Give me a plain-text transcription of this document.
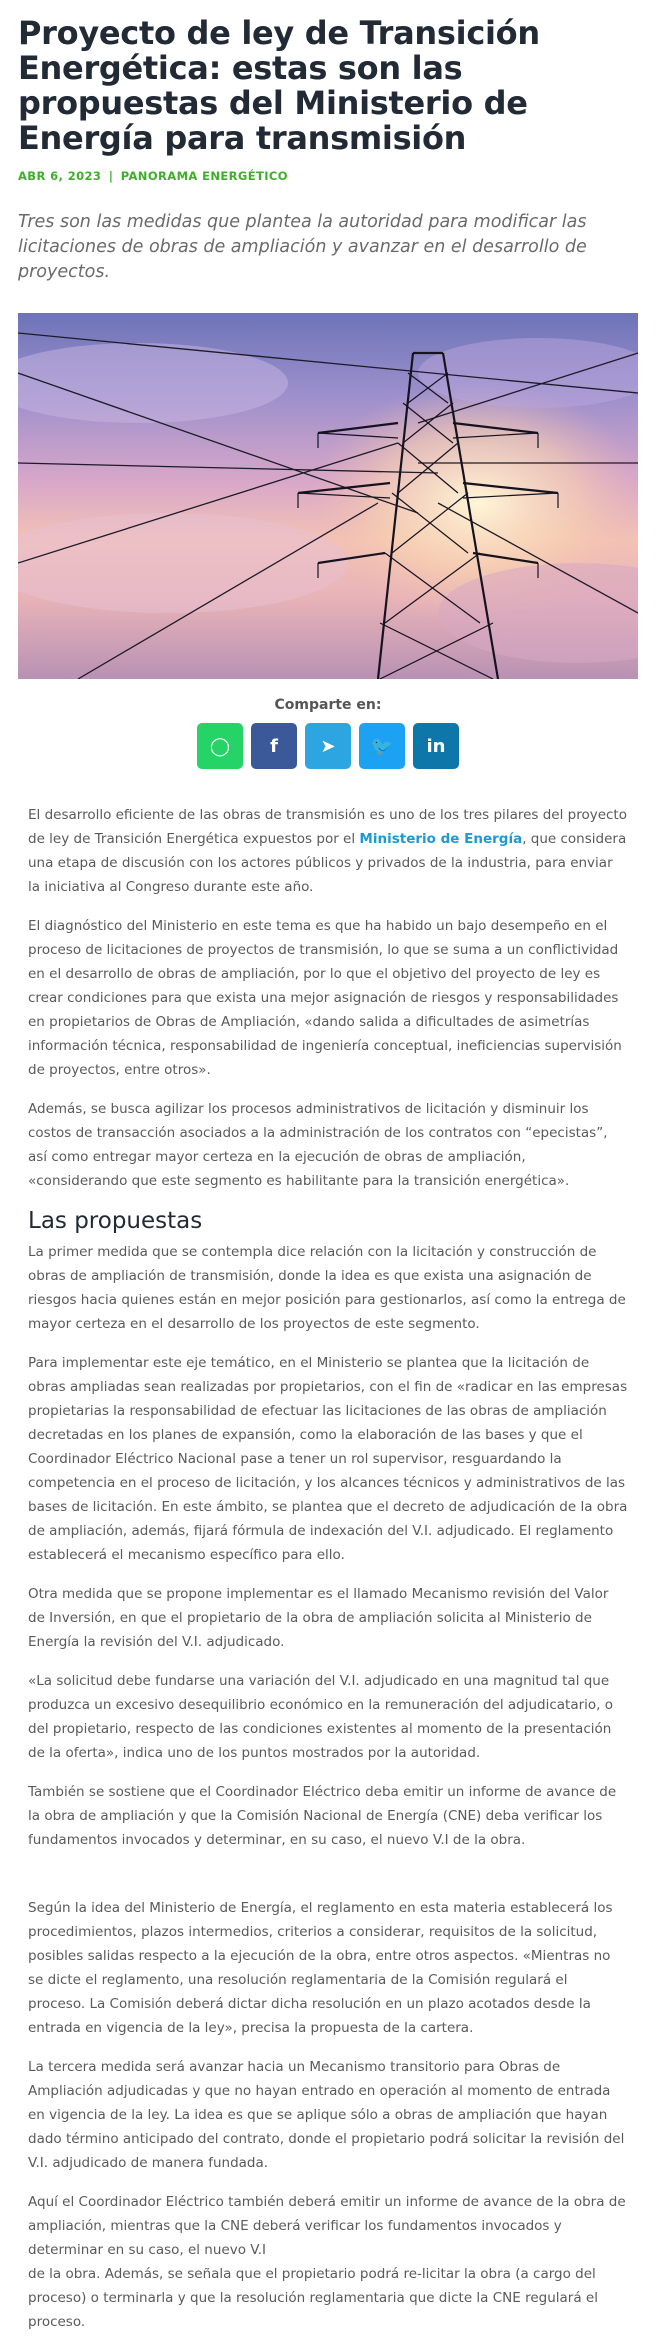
Proyecto de ley de Transición Energética: estas son las propuestas del Ministerio de Energía para transmisión
ABR 6, 2023 | PANORAMA ENERGÉTICO

Tres son las medidas que plantea la autoridad para modificar las licitaciones de obras de ampliación y avanzar en el desarrollo de proyectos.

Comparte en:
◯ f ➤ 🐦 in

El desarrollo eficiente de las obras de transmisión es uno de los tres pilares del proyecto de ley de Transición Energética expuestos por el Ministerio de Energía, que considera una etapa de discusión con los actores públicos y privados de la industria, para enviar la iniciativa al Congreso durante este año.

El diagnóstico del Ministerio en este tema es que ha habido un bajo desempeño en el proceso de licitaciones de proyectos de transmisión, lo que se suma a un conflictividad en el desarrollo de obras de ampliación, por lo que el objetivo del proyecto de ley es crear condiciones para que exista una mejor asignación de riesgos y responsabilidades en propietarios de Obras de Ampliación, «dando salida a dificultades de asimetrías información técnica, responsabilidad de ingeniería conceptual, ineficiencias supervisión de proyectos, entre otros».

Además, se busca agilizar los procesos administrativos de licitación y disminuir los costos de transacción asociados a la administración de los contratos con “epecistas”, así como entregar mayor certeza en la ejecución de obras de ampliación, «considerando que este segmento es habilitante para la transición energética».

Las propuestas

La primer medida que se contempla dice relación con la licitación y construcción de obras de ampliación de transmisión, donde la idea es que exista una asignación de riesgos hacia quienes están en mejor posición para gestionarlos, así como la entrega de mayor certeza en el desarrollo de los proyectos de este segmento.

Para implementar este eje temático, en el Ministerio se plantea que la licitación de obras ampliadas sean realizadas por propietarios, con el fin de «radicar en las empresas propietarias la responsabilidad de efectuar las licitaciones de las obras de ampliación decretadas en los planes de expansión, como la elaboración de las bases y que el Coordinador Eléctrico Nacional pase a tener un rol supervisor, resguardando la competencia en el proceso de licitación, y los alcances técnicos y administrativos de las bases de licitación. En este ámbito, se plantea que el decreto de adjudicación de la obra de ampliación, además, fijará fórmula de indexación del V.I. adjudicado. El reglamento establecerá el mecanismo específico para ello.

Otra medida que se propone implementar es el llamado Mecanismo revisión del Valor de Inversión, en que el propietario de la obra de ampliación solicita al Ministerio de Energía la revisión del V.I. adjudicado.

«La solicitud debe fundarse una variación del V.I. adjudicado en una magnitud tal que produzca un excesivo desequilibrio económico en la remuneración del adjudicatario, o del propietario, respecto de las condiciones existentes al momento de la presentación de la oferta», indica uno de los puntos mostrados por la autoridad.

También se sostiene que el Coordinador Eléctrico deba emitir un informe de avance de la obra de ampliación y que la Comisión Nacional de Energía (CNE) deba verificar los fundamentos invocados y determinar, en su caso, el nuevo V.I de la obra.

Según la idea del Ministerio de Energía, el reglamento en esta materia establecerá los procedimientos, plazos intermedios, criterios a considerar, requisitos de la solicitud, posibles salidas respecto a la ejecución de la obra, entre otros aspectos. «Mientras no se dicte el reglamento, una resolución reglamentaria de la Comisión regulará el proceso. La Comisión deberá dictar dicha resolución en un plazo acotados desde la entrada en vigencia de la ley», precisa la propuesta de la cartera.

La tercera medida será avanzar hacia un Mecanismo transitorio para Obras de Ampliación adjudicadas y que no hayan entrado en operación al momento de entrada en vigencia de la ley. La idea es que se aplique sólo a obras de ampliación que hayan dado término anticipado del contrato, donde el propietario podrá solicitar la revisión del V.I. adjudicado de manera fundada.

Aquí el Coordinador Eléctrico también deberá emitir un informe de avance de la obra de ampliación, mientras que la CNE deberá verificar los fundamentos invocados y determinar en su caso, el nuevo V.I
de la obra. Además, se señala que el propietario podrá re-licitar la obra (a cargo del proceso) o terminarla y que la resolución reglamentaria que dicte la CNE regulará el proceso.
